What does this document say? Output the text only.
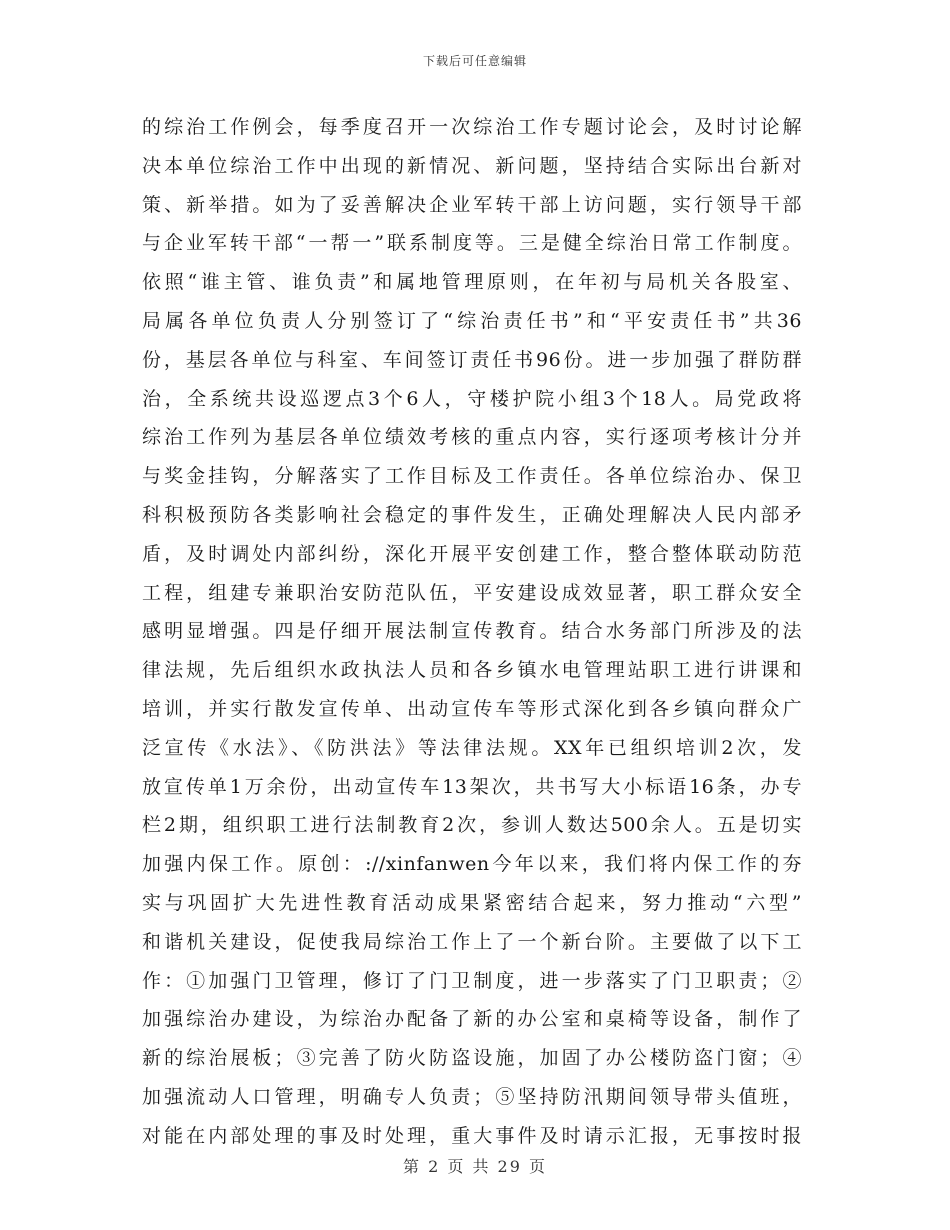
下载后可任意编辑
的综治工作例会，每季度召开一次综治工作专题讨论会，及时讨论解
决本单位综治工作中出现的新情况、新问题，坚持结合实际出台新对
策、新举措。如为了妥善解决企业军转干部上访问题，实行领导干部
与企业军转干部“一帮一”联系制度等。三是健全综治日常工作制度。
依照“谁主管、谁负责”和属地管理原则，在年初与局机关各股室、
局属各单位负责人分别签订了“综治责任书”和“平安责任书”共36
份，基层各单位与科室、车间签订责任书96份。进一步加强了群防群
治，全系统共设巡逻点3个6人，守楼护院小组3个18人。局党政将
综治工作列为基层各单位绩效考核的重点内容，实行逐项考核计分并
与奖金挂钩，分解落实了工作目标及工作责任。各单位综治办、保卫
科积极预防各类影响社会稳定的事件发生，正确处理解决人民内部矛
盾，及时调处内部纠纷，深化开展平安创建工作，整合整体联动防范
工程，组建专兼职治安防范队伍，平安建设成效显著，职工群众安全
感明显增强。四是仔细开展法制宣传教育。结合水务部门所涉及的法
律法规，先后组织水政执法人员和各乡镇水电管理站职工进行讲课和
培训，并实行散发宣传单、出动宣传车等形式深化到各乡镇向群众广
泛宣传《水法》、《防洪法》等法律法规。XX年已组织培训2次，发
放宣传单1万余份，出动宣传车13架次，共书写大小标语16条，办专
栏2期，组织职工进行法制教育2次，参训人数达500余人。五是切实
加强内保工作。原创：://xinfanwen今年以来，我们将内保工作的夯
实与巩固扩大先进性教育活动成果紧密结合起来，努力推动“六型”
和谐机关建设，促使我局综治工作上了一个新台阶。主要做了以下工
作：①加强门卫管理，修订了门卫制度，进一步落实了门卫职责；②
加强综治办建设，为综治办配备了新的办公室和桌椅等设备，制作了
新的综治展板；③完善了防火防盗设施，加固了办公楼防盗门窗；④
加强流动人口管理，明确专人负责；⑤坚持防汛期间领导带头值班，
对能在内部处理的事及时处理，重大事件及时请示汇报，无事按时报
第 2 页 共 29 页
